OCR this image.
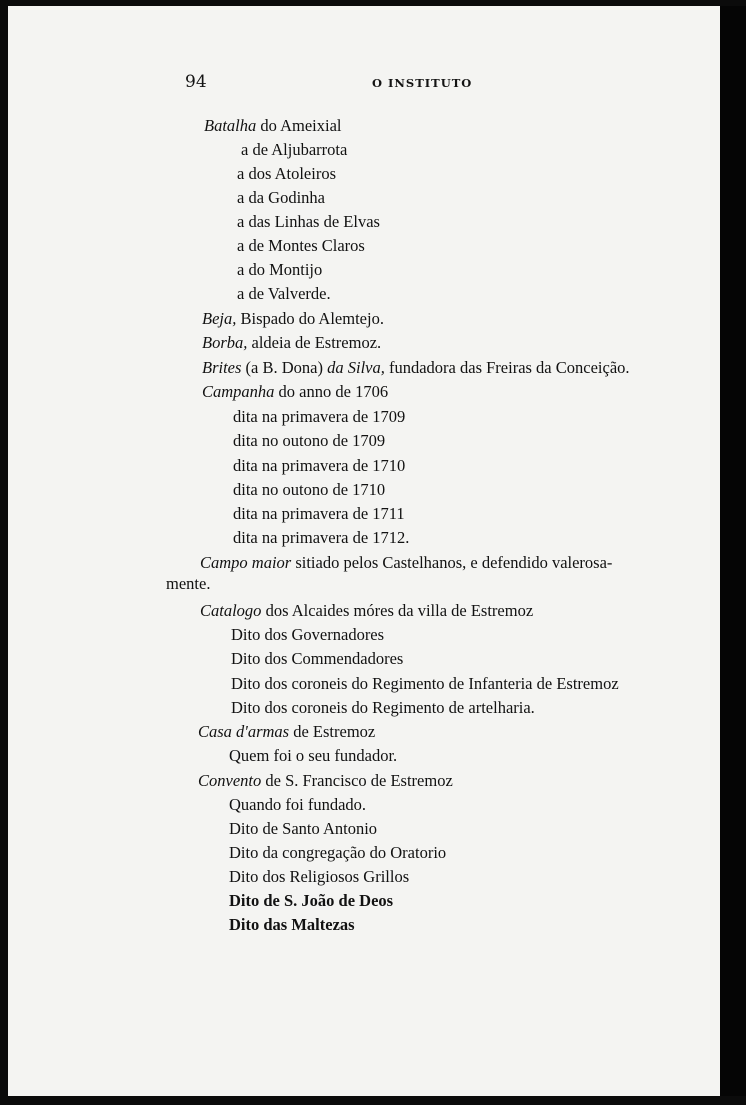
94	O INSTITUTO
Batalha do Ameixial
a de Aljubarrota
a dos Atoleiros
a da Godinha
a das Linhas de Elvas
a de Montes Claros
a do Montijo
a de Valverde.
Beja, Bispado do Alemtejo.
Borba, aldeia de Estremoz.
Brites (a B. Dona) da Silva, fundadora das Freiras da Conceição.
Campanha do anno de 1706
dita na primavera de 1709
dita no outono de 1709
dita na primavera de 1710
dita no outono de 1710
dita na primavera de 1711
dita na primavera de 1712.
Campo maior sitiado pelos Castelhanos, e defendido valerosa-
mente.
Catalogo dos Alcaides móres da villa de Estremoz
Dito dos Governadores
Dito dos Commendadores
Dito dos coroneis do Regimento de Infanteria de Estremoz
Dito dos coroneis do Regimento de artelharia.
Casa d'armas de Estremoz
Quem foi o seu fundador.
Convento de S. Francisco de Estremoz
Quando foi fundado.
Dito de Santo Antonio
Dito da congregação do Oratorio
Dito dos Religiosos Grillos
Dito de S. João de Deos
Dito das Maltezas
